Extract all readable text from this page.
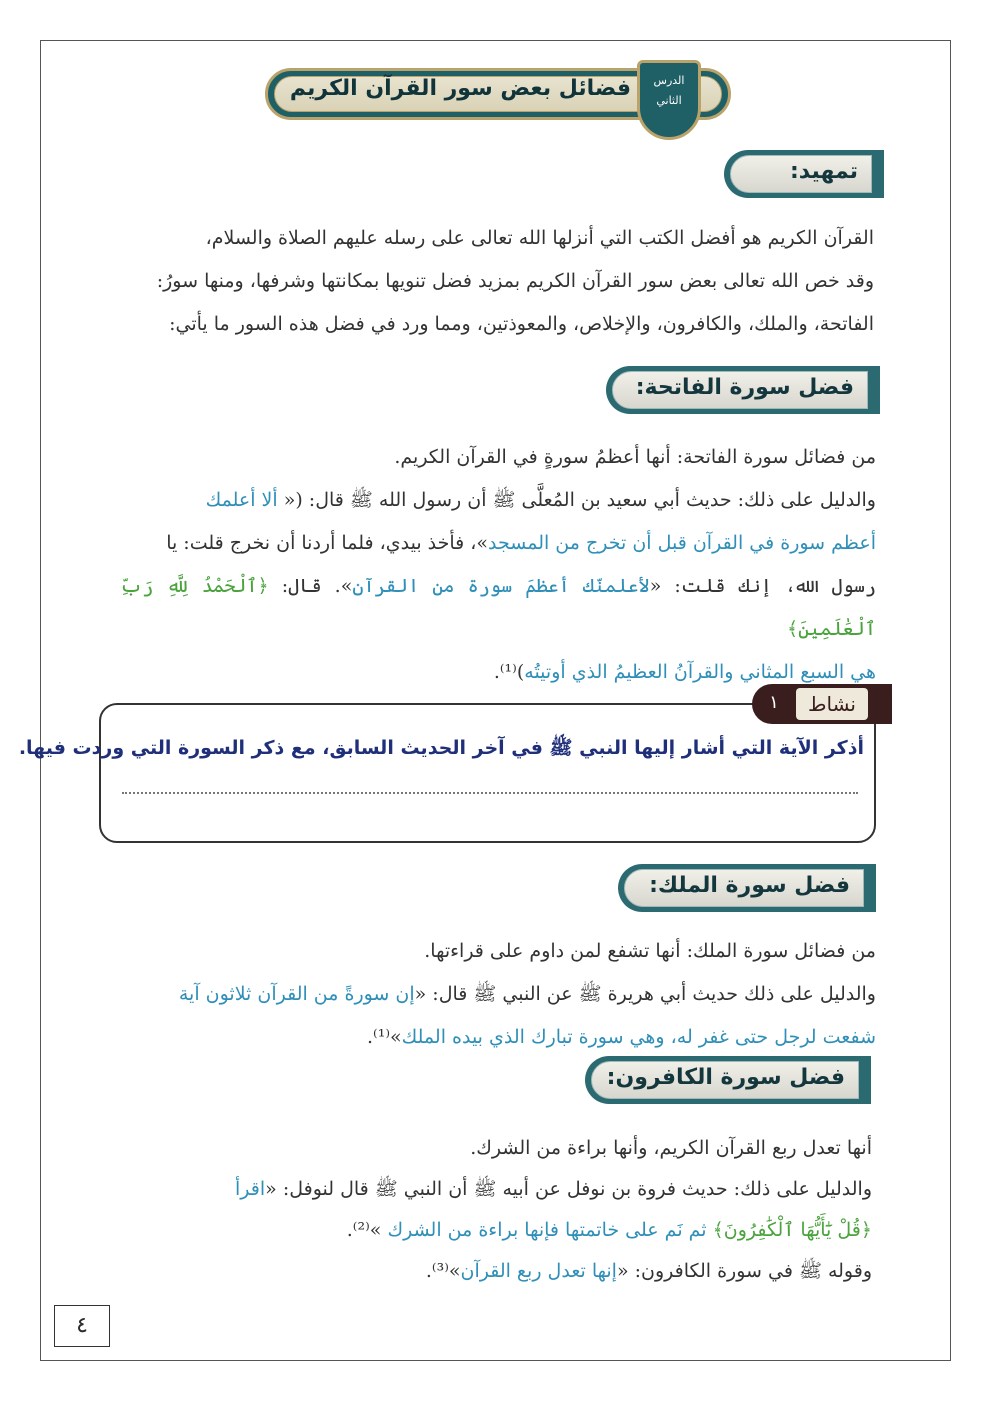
فضائل بعض سور القرآن الكريم	الدرس
الثاني
تمهيد:

القرآن الكريم هو أفضل الكتب التي أنزلها الله تعالى على رسله عليهم الصلاة والسلام،

وقد خص الله تعالى بعض سور القرآن الكريم بمزيد فضل تنويها بمكانتها وشرفها، ومنها سورُ:

الفاتحة، والملك، والكافرون، والإخلاص، والمعوذتين، ومما ورد في فضل هذه السور ما يأتي:

فضل سورة الفاتحة:

من فضائل سورة الفاتحة: أنها أعظمُ سورةٍ في القرآن الكريم.

والدليل على ذلك: حديث أبي سعيد بن المُعلَّى ﷺ أن رسول الله ﷺ قال: (« ألا أعلمك

أعظم سورة في القرآن قبل أن تخرج من المسجد»، فأخذ بيدي، فلما أردنا أن نخرج قلت: يا

رسول الله، إنك قلت: «لأعلمنّك أعظمَ سورة من القرآن». قال: ﴿ٱلْحَمْدُ لِلَّهِ رَبِّ ٱلْعَٰلَمِينَ﴾

هي السبع المثاني والقرآنُ العظيمُ الذي أوتيتُه)⁽¹⁾.

١	نشاط ?
أذكر الآية التي أشار إليها النبي ﷺ في آخر الحديث السابق، مع ذكر السورة التي وردت فيها.
فضل سورة الملك:

من فضائل سورة الملك: أنها تشفع لمن داوم على قراءتها.

والدليل على ذلك حديث أبي هريرة ﷺ عن النبي ﷺ قال: «إن سورةً من القرآن ثلاثون آية

شفعت لرجل حتى غفر له، وهي سورة تبارك الذي بيده الملك»⁽¹⁾.

فضل سورة الكافرون:

أنها تعدل ربع القرآن الكريم، وأنها براءة من الشرك.

والدليل على ذلك: حديث فروة بن نوفل عن أبيه ﷺ أن النبي ﷺ قال لنوفل: «اقرأ

﴿قُلْ يَٰٓأَيُّهَا ٱلْكَٰفِرُونَ﴾ ثم نَم على خاتمتها فإنها براءة من الشرك »⁽²⁾.

وقوله ﷺ في سورة الكافرون: «إنها تعدل ربع القرآن»⁽³⁾.

٤
